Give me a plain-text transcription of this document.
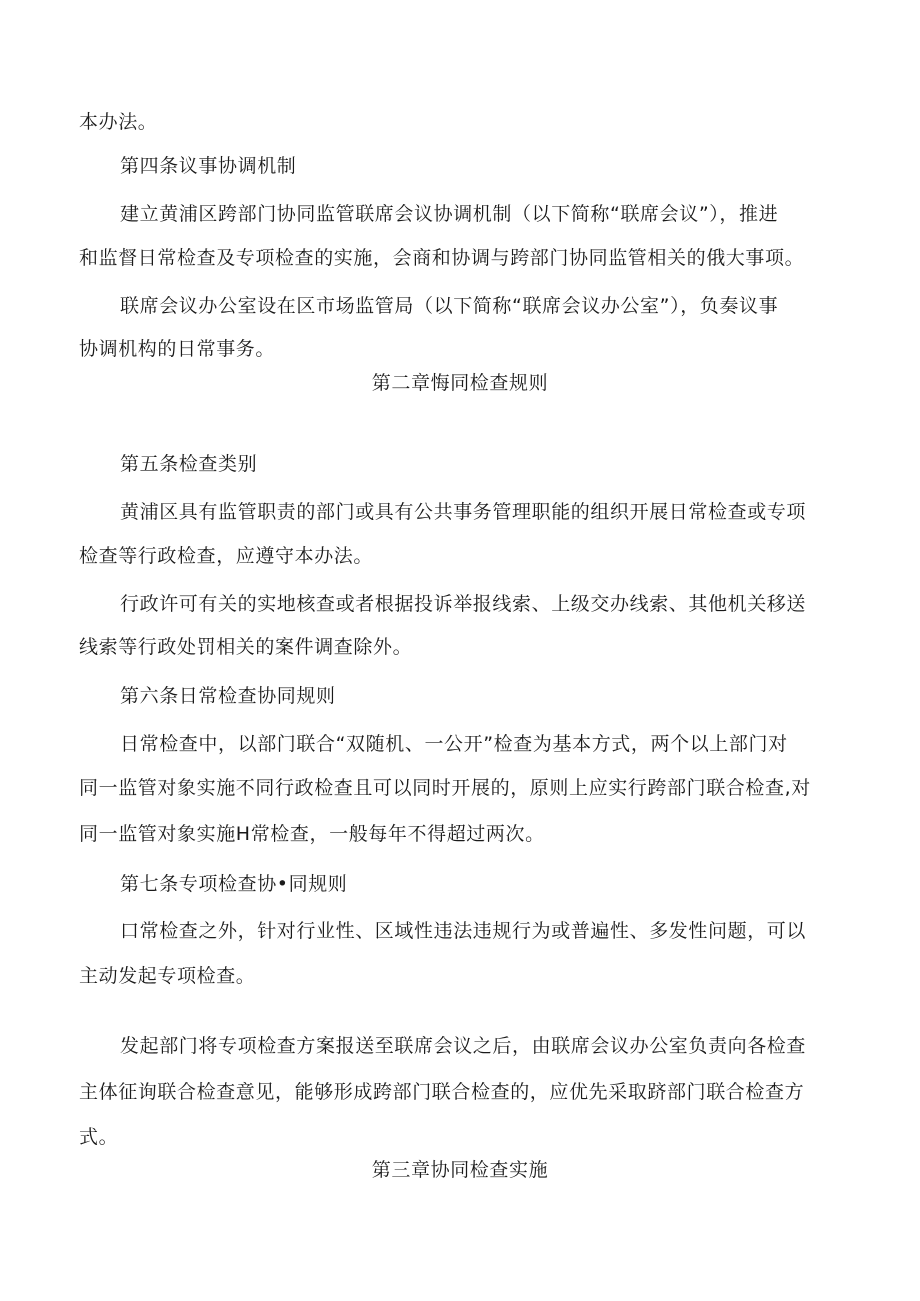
本办法。
第四条议事协调机制
建立黄浦区跨部门协同监管联席会议协调机制（以下简称“联席会议”），推进
和监督日常检查及专项检查的实施，会商和协调与跨部门协同监管相关的俄大事项。
联席会议办公室设在区市场监管局（以下简称“联席会议办公室”），负奏议事
协调机构的日常事务。
第二章悔同检查规则
第五条检查类别
黄浦区具有监管职责的部门或具有公共事务管理职能的组织开展日常检查或专项
检查等行政检查，应遵守本办法。
行政许可有关的实地核查或者根据投诉举报线索、上级交办线索、其他机关移送
线索等行政处罚相关的案件调查除外。
第六条日常检查协同规则
日常检查中，以部门联合“双随机、一公开”检查为基本方式，两个以上部门对
同一监管对象实施不同行政检查且可以同时开展的，原则上应实行跨部门联合检查,对
同一监管对象实施H常检查，一般每年不得超过两次。
第七条专项检查协•同规则
口常检查之外，针对行业性、区域性违法违规行为或普遍性、多发性问题，可以
主动发起专项检查。
发起部门将专项检查方案报送至联席会议之后，由联席会议办公室负责向各检查
主体征询联合检查意见，能够形成跨部门联合检查的，应优先采取跻部门联合检查方
式。
第三章协同检查实施
